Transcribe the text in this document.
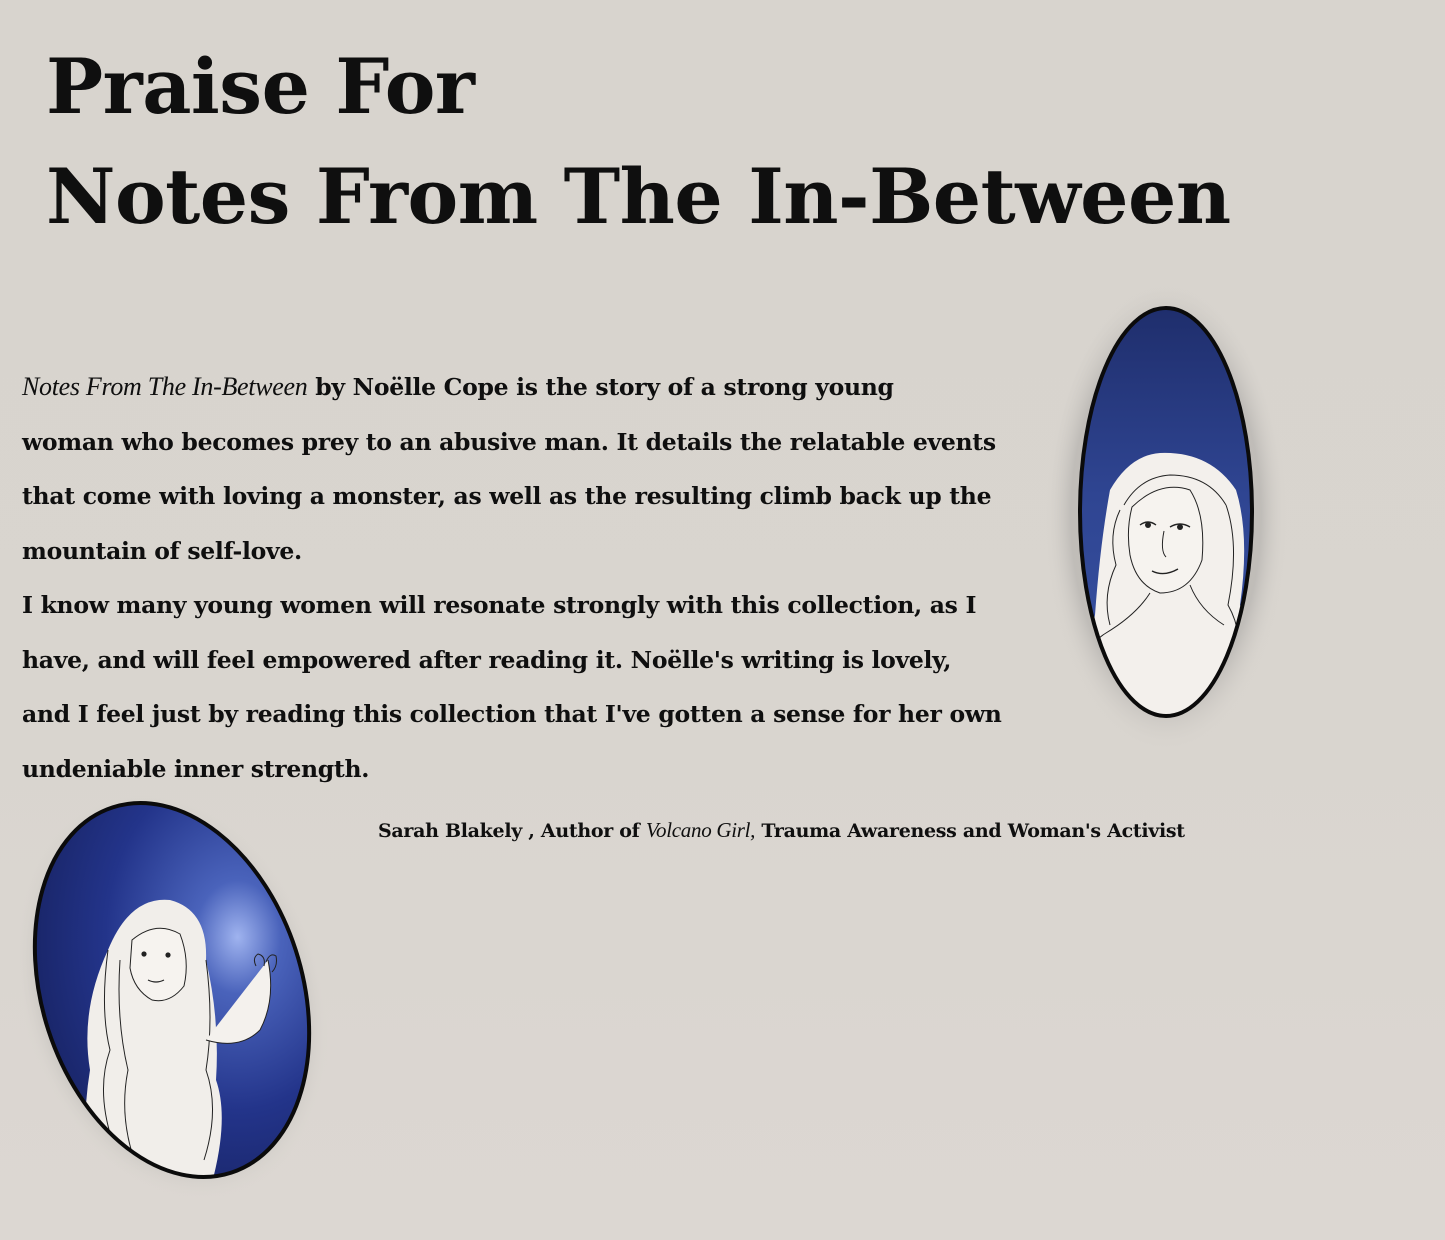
Praise For
Notes From The In-Between

Notes From The In-Between by Noëlle Cope is the story of a strong young
woman who becomes prey to an abusive man. It details the relatable events
that come with loving a monster, as well as the resulting climb back up the
mountain of self-love.
I know many young women will resonate strongly with this collection, as I
have, and will feel empowered after reading it. Noëlle's writing is lovely,
and I feel just by reading this collection that I've gotten a sense for her own
undeniable inner strength.

Sarah Blakely , Author of Volcano Girl, Trauma Awareness and Woman's Activist
